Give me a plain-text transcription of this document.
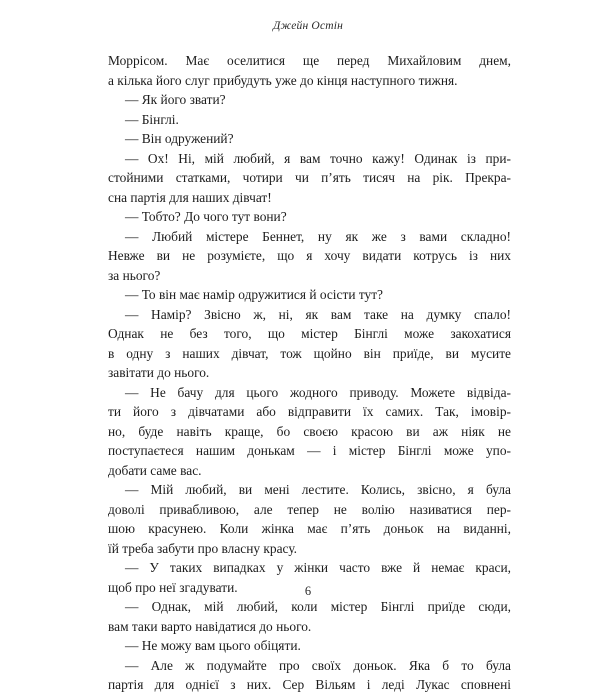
Джейн Остін
Моррісом. Має оселитися ще перед Михайловим днем,
а кілька його слуг прибудуть уже до кінця наступного тижня.
— Як його звати?
— Бінглі.
— Він одружений?
— Ох! Ні, мій любий, я вам точно кажу! Одинак із при-
стойними статками, чотири чи п’ять тисяч на рік. Прекра-
сна партія для наших дівчат!
— Тобто? До чого тут вони?
— Любий містере Беннет, ну як же з вами складно!
Невже ви не розумієте, що я хочу видати котрусь із них
за нього?
— То він має намір одружитися й осісти тут?
— Намір? Звісно ж, ні, як вам таке на думку спало!
Однак не без того, що містер Бінглі може закохатися
в одну з наших дівчат, тож щойно він приїде, ви мусите
завітати до нього.
— Не бачу для цього жодного приводу. Можете відвіда-
ти його з дівчатами або відправити їх самих. Так, імовір-
но, буде навіть краще, бо своєю красою ви аж ніяк не
поступаєтеся нашим донькам — і містер Бінглі може упо-
добати саме вас.
— Мій любий, ви мені лестите. Колись, звісно, я була
доволі привабливою, але тепер не волію називатися пер-
шою красунею. Коли жінка має п’ять доньок на виданні,
їй треба забути про власну красу.
— У таких випадках у жінки часто вже й немає краси,
щоб про неї згадувати.
— Однак, мій любий, коли містер Бінглі приїде сюди,
вам таки варто навідатися до нього.
— Не можу вам цього обіцяти.
— Але ж подумайте про своїх доньок. Яка б то була
партія для однієї з них. Сер Вільям і леді Лукас сповнені
6
